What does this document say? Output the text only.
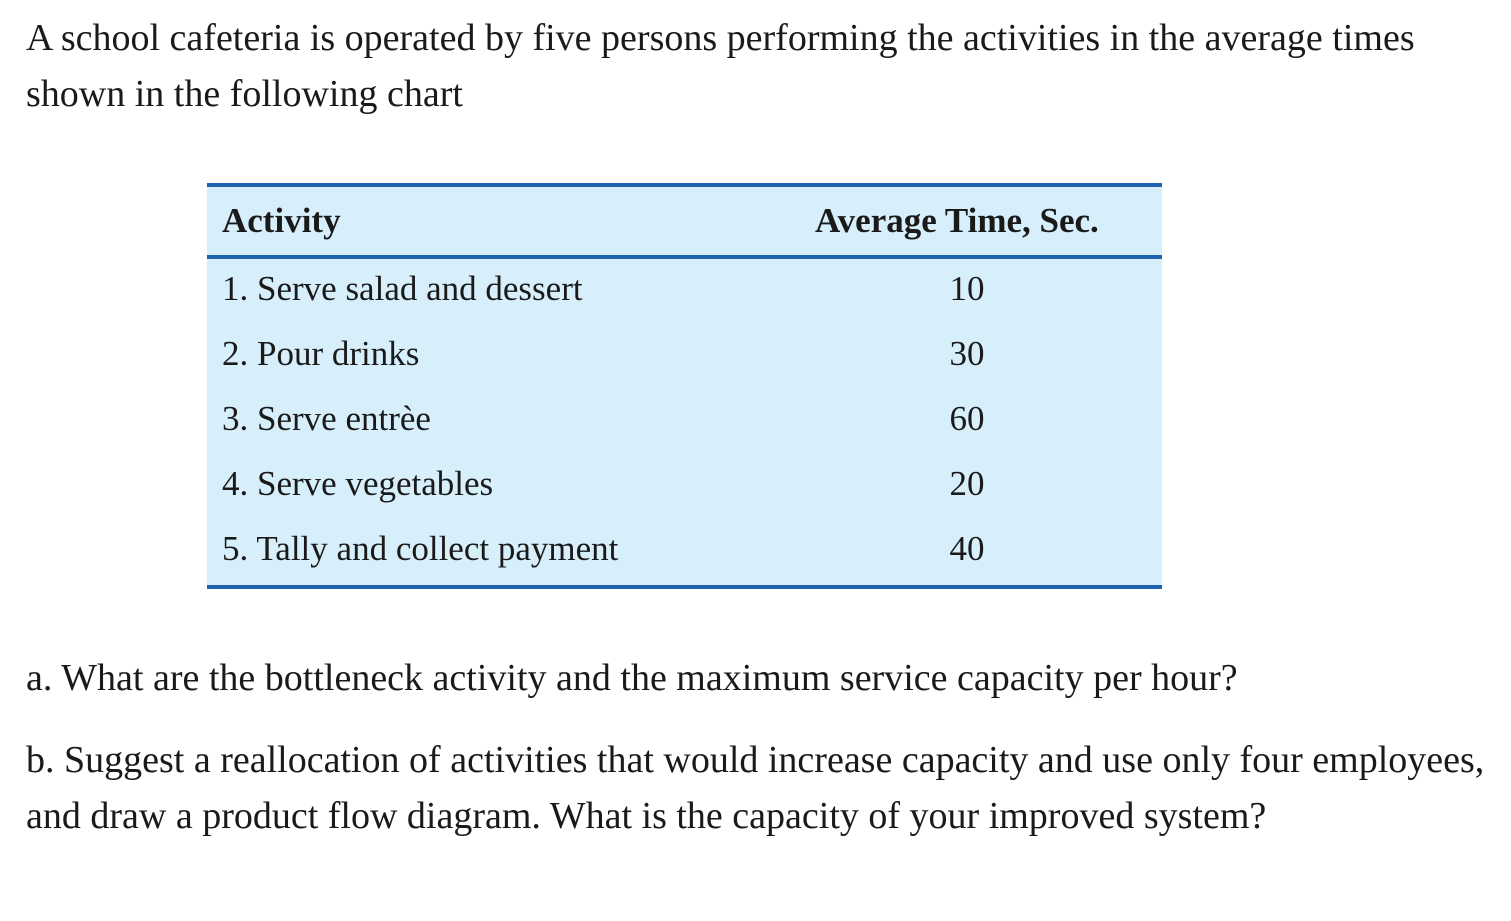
A school cafeteria is operated by five persons performing the activities in the average times shown in the following chart

Activity	Average Time, Sec.
1. Serve salad and dessert	10
2. Pour drinks	30
3. Serve entrèe	60
4. Serve vegetables	20
5. Tally and collect payment	40

a. What are the bottleneck activity and the maximum service capacity per hour?

b. Suggest a reallocation of activities that would increase capacity and use only four employees, and draw a product flow diagram. What is the capacity of your improved system?
